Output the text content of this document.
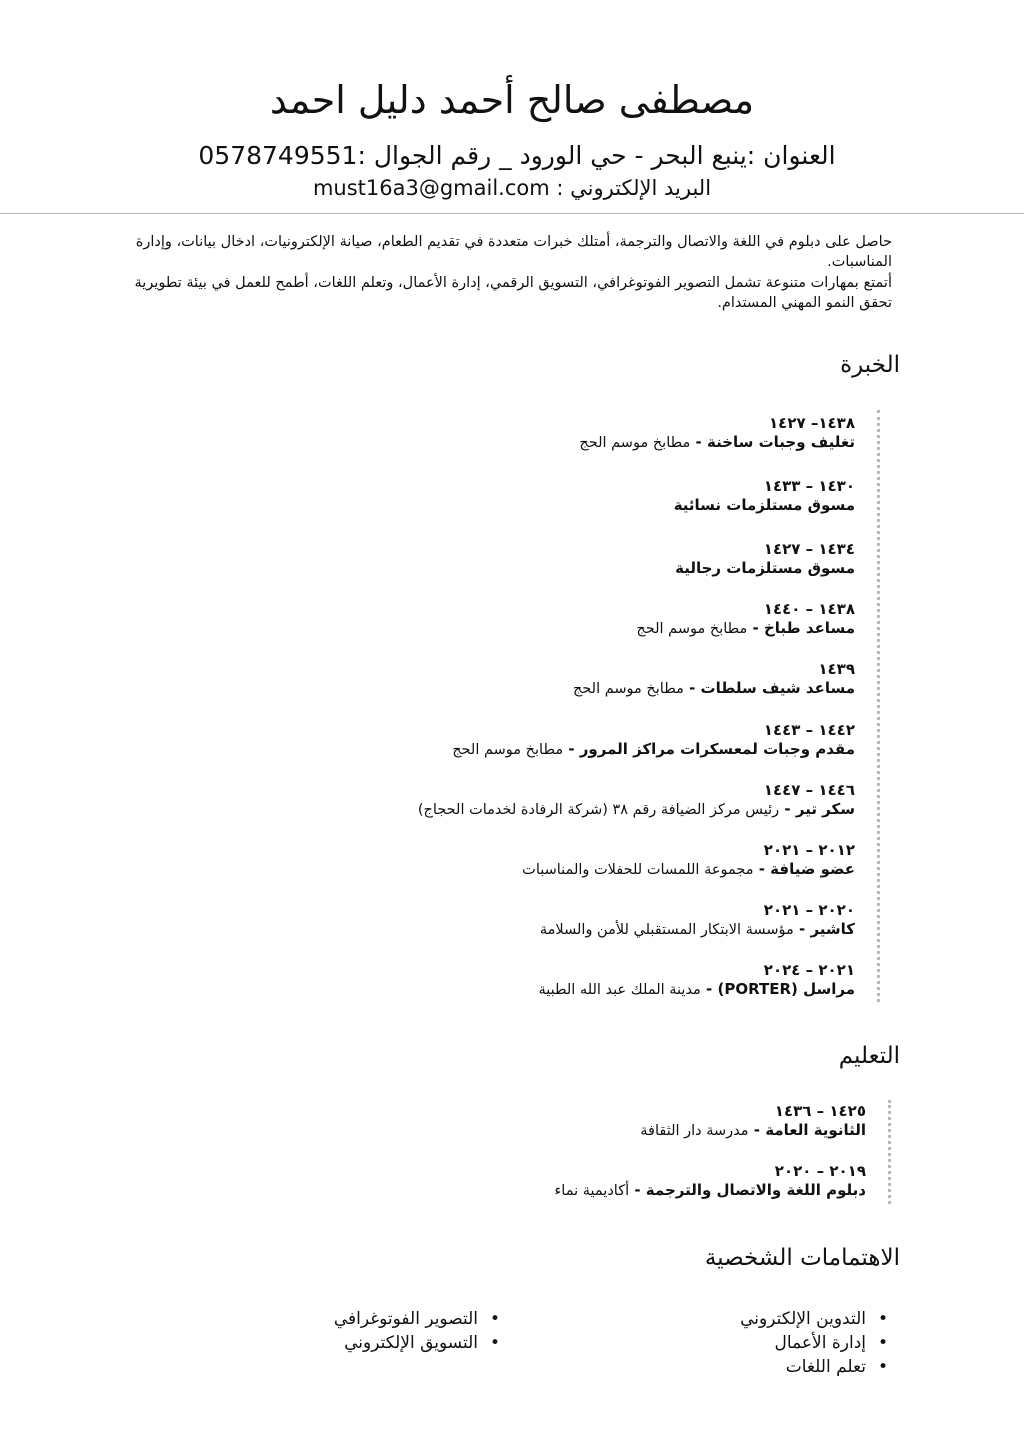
مصطفى صالح أحمد دليل احمد
العنوان :ينبع البحر - حي الورود _ رقم الجوال :0578749551
البريد الإلكتروني : must16a3@gmail.com

حاصل على دبلوم في اللغة والاتصال والترجمة، أمتلك خبرات متعددة في تقديم الطعام، صيانة الإلكترونيات، ادخال بيانات، وإدارة المناسبات.

أتمتع بمهارات متنوعة تشمل التصوير الفوتوغرافي، التسويق الرقمي، إدارة الأعمال، وتعلم اللغات، أطمح للعمل في بيئة تطويرية تحقق النمو المهني المستدام.

الخبرة
١٤٣٨– ١٤٢٧
تغليف وجبات ساخنة - مطابخ موسم الحج
١٤٣٠ – ١٤٣٣
مسوق مستلزمات نسائية
١٤٣٤ – ١٤٢٧
مسوق مستلزمات رجالية
١٤٣٨ – ١٤٤٠
مساعد طباخ - مطابخ موسم الحج
١٤٣٩
مساعد شيف سلطات - مطابخ موسم الحج
١٤٤٢ – ١٤٤٣
مقدم وجبات لمعسكرات مراكز المرور - مطابخ موسم الحج
١٤٤٦ – ١٤٤٧
سكر تير - رئيس مركز الضيافة رقم ٣٨ (شركة الرفادة لخدمات الحجاج)
٢٠١٢ – ٢٠٢١
عضو ضيافة - مجموعة اللمسات للحفلات والمناسبات
٢٠٢٠ – ٢٠٢١
كاشير - مؤسسة الابتكار المستقبلي للأمن والسلامة
٢٠٢١ – ٢٠٢٤
مراسل (PORTER) - مدينة الملك عبد الله الطبية
التعليم
١٤٢٥ – ١٤٣٦
الثانوية العامة - مدرسة دار الثقافة
٢٠١٩ – ٢٠٢٠
دبلوم اللغة والاتصال والترجمة - أكاديمية نماء
الاهتمامات الشخصية
• التدوين الإلكتروني
• إدارة الأعمال
• تعلم اللغات
• التصوير الفوتوغرافي
• التسويق الإلكتروني
